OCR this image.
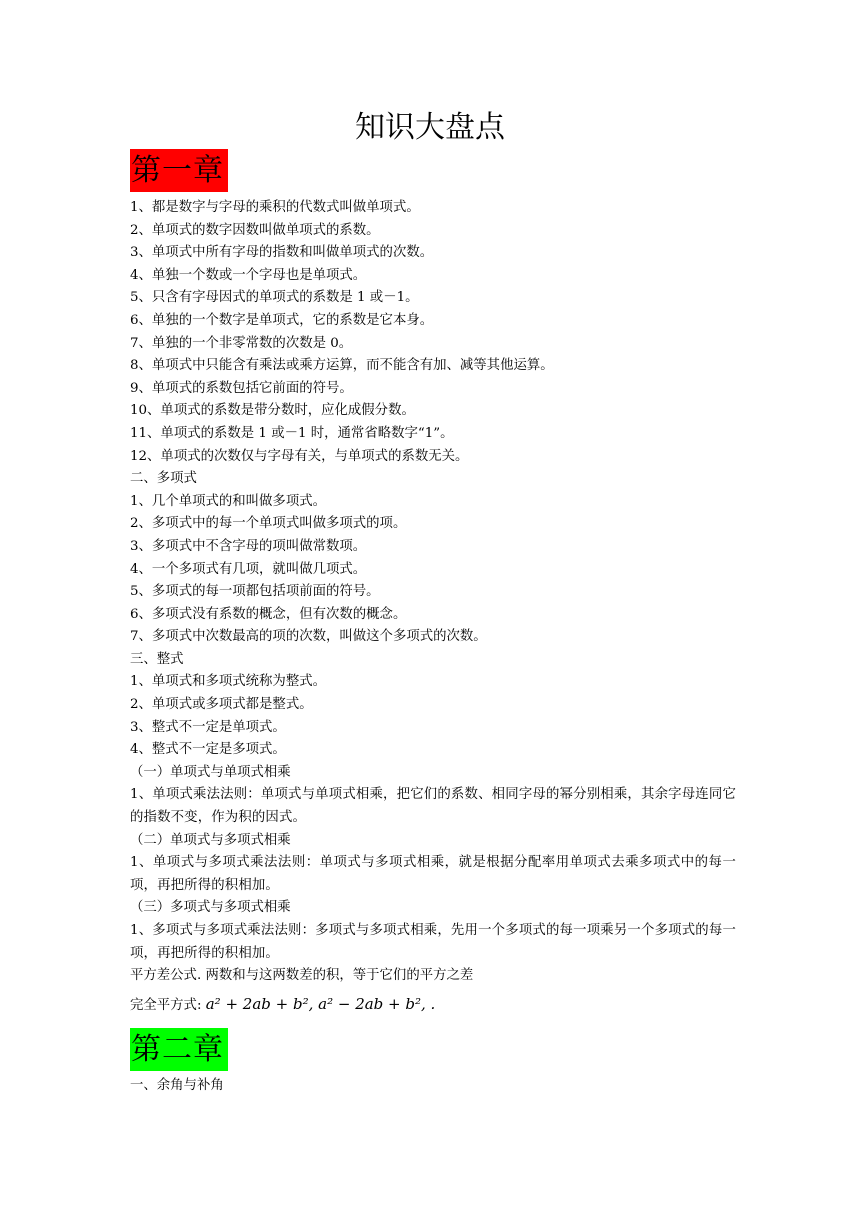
知识大盘点
第一章
1、都是数字与字母的乘积的代数式叫做单项式。
2、单项式的数字因数叫做单项式的系数。
3、单项式中所有字母的指数和叫做单项式的次数。
4、单独一个数或一个字母也是单项式。
5、只含有字母因式的单项式的系数是 1 或－1。
6、单独的一个数字是单项式，它的系数是它本身。
7、单独的一个非零常数的次数是 0。
8、单项式中只能含有乘法或乘方运算，而不能含有加、减等其他运算。
9、单项式的系数包括它前面的符号。
10、单项式的系数是带分数时，应化成假分数。
11、单项式的系数是 1 或－1 时，通常省略数字“1”。
12、单项式的次数仅与字母有关，与单项式的系数无关。
二、多项式
1、几个单项式的和叫做多项式。
2、多项式中的每一个单项式叫做多项式的项。
3、多项式中不含字母的项叫做常数项。
4、一个多项式有几项，就叫做几项式。
5、多项式的每一项都包括项前面的符号。
6、多项式没有系数的概念，但有次数的概念。
7、多项式中次数最高的项的次数，叫做这个多项式的次数。
三、整式
1、单项式和多项式统称为整式。
2、单项式或多项式都是整式。
3、整式不一定是单项式。
4、整式不一定是多项式。
（一）单项式与单项式相乘
1、单项式乘法法则：单项式与单项式相乘，把它们的系数、相同字母的幂分别相乘，其余字母连同它的指数不变，作为积的因式。
（二）单项式与多项式相乘
1、单项式与多项式乘法法则：单项式与多项式相乘，就是根据分配率用单项式去乘多项式中的每一项，再把所得的积相加。
（三）多项式与多项式相乘
1、多项式与多项式乘法法则：多项式与多项式相乘，先用一个多项式的每一项乘另一个多项式的每一项，再把所得的积相加。
平方差公式. 两数和与这两数差的积，等于它们的平方之差
完全平方式: a² + 2ab + b², a² − 2ab + b², .
第二章
一、余角与补角
